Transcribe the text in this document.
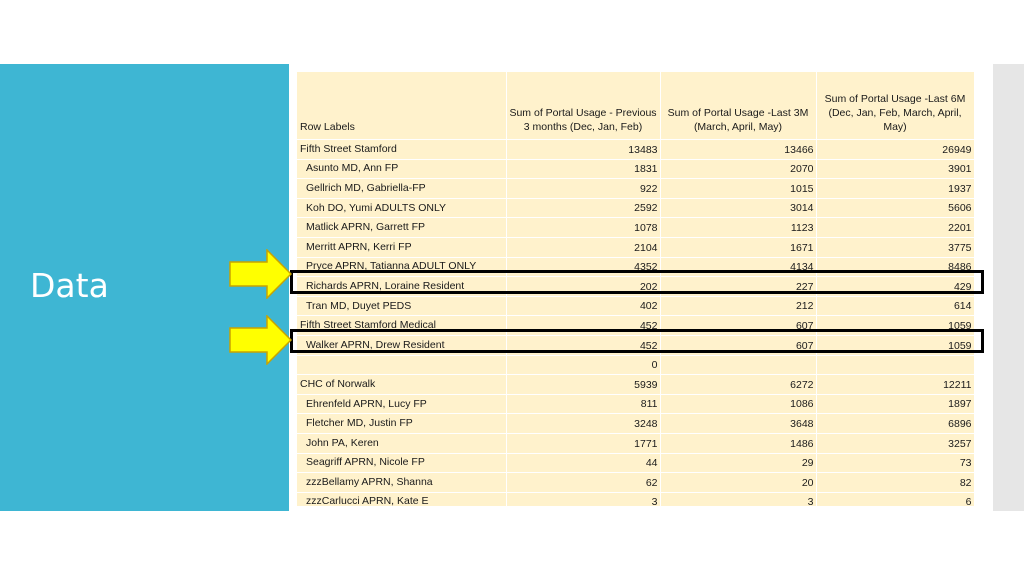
Data
Row Labels	Sum of Portal Usage - Previous 3 months (Dec, Jan, Feb)	Sum of Portal Usage -Last 3M (March, April, May)	Sum of Portal Usage -Last 6M (Dec, Jan, Feb, March, April, May)
Fifth Street Stamford	13483	13466	26949
Asunto MD, Ann FP	1831	2070	3901
Gellrich MD, Gabriella-FP	922	1015	1937
Koh DO, Yumi ADULTS ONLY	2592	3014	5606
Matlick APRN, Garrett FP	1078	1123	2201
Merritt APRN, Kerri FP	2104	1671	3775
Pryce APRN, Tatianna ADULT ONLY	4352	4134	8486
Richards APRN, Loraine Resident	202	227	429
Tran MD, Duyet PEDS	402	212	614
Fifth Street Stamford Medical	452	607	1059
Walker APRN, Drew Resident	452	607	1059
	0		
CHC of Norwalk	5939	6272	12211
Ehrenfeld APRN, Lucy FP	811	1086	1897
Fletcher MD, Justin FP	3248	3648	6896
John PA, Keren	1771	1486	3257
Seagriff APRN, Nicole FP	44	29	73
zzzBellamy APRN, Shanna	62	20	82
zzzCarlucci APRN, Kate E	3	3	6
